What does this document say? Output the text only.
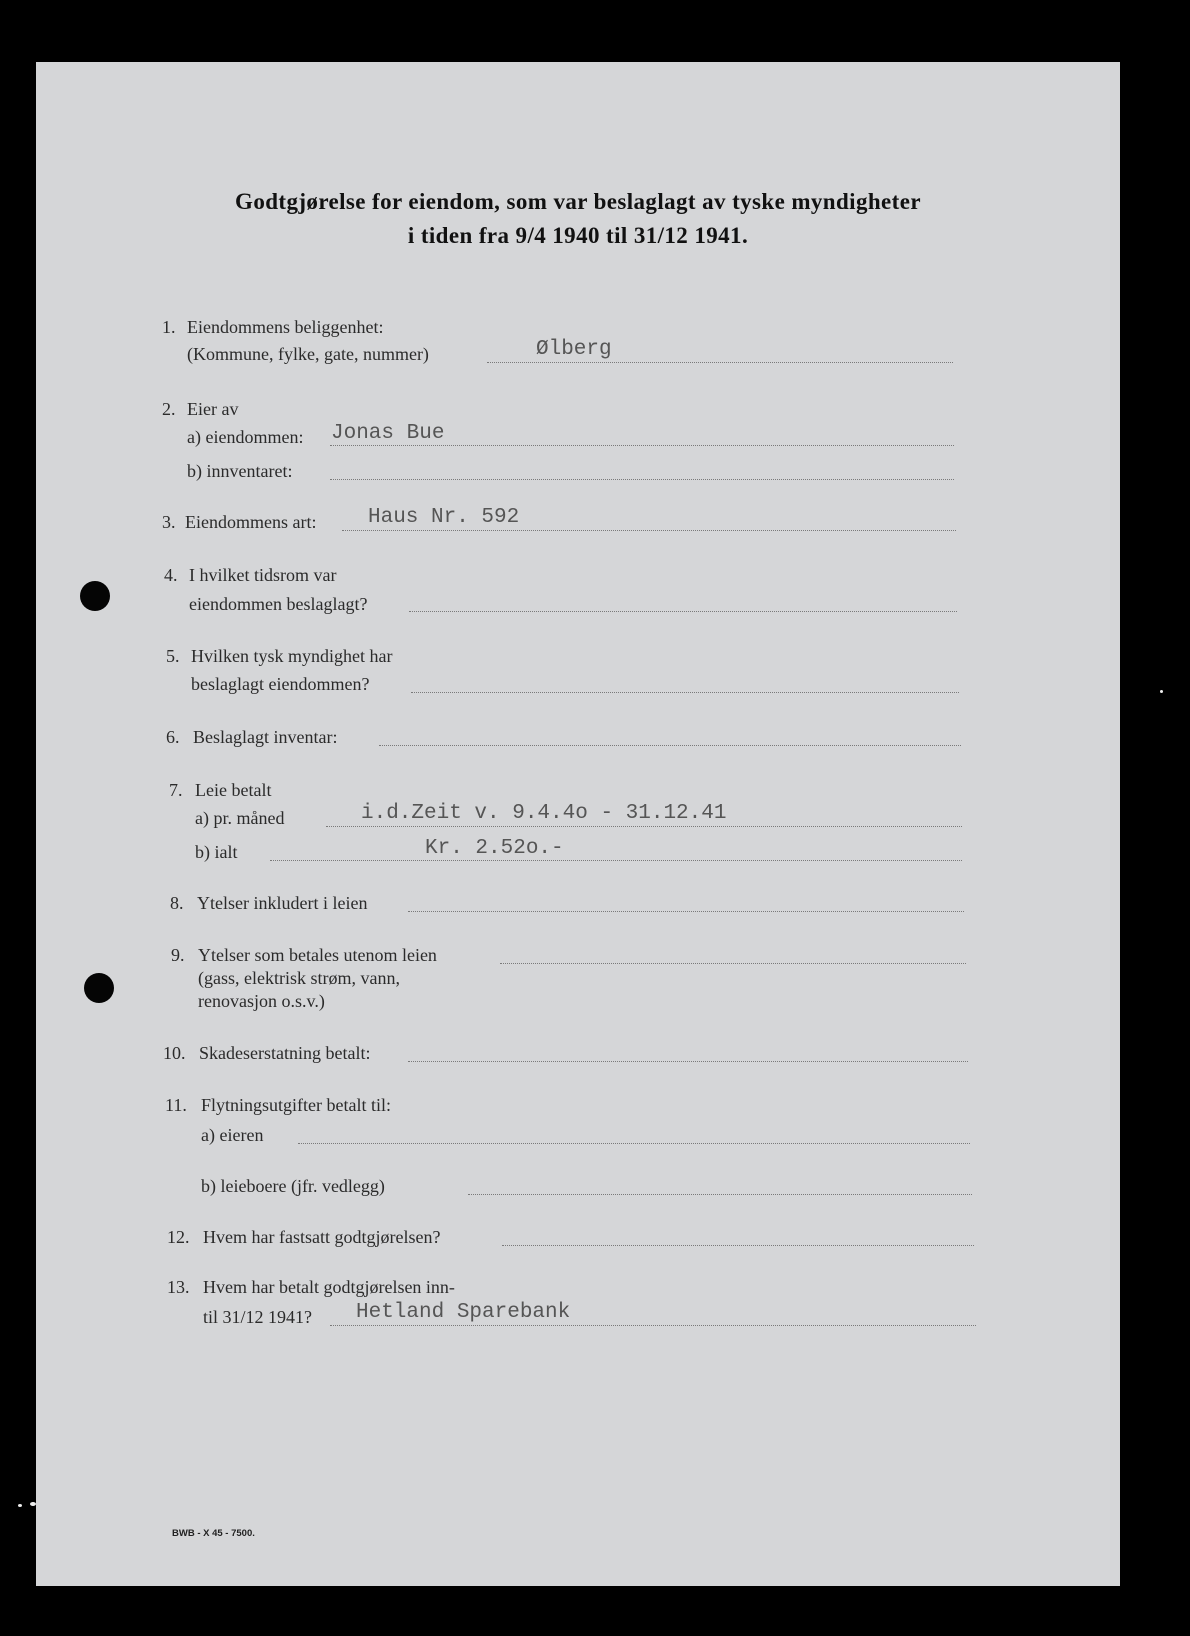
Godtgjørelse for eiendom, som var beslaglagt av tyske myndigheter
i tiden fra 9/4 1940 til 31/12 1941.
1. Eiendommens beliggenhet:
(Kommune, fylke, gate, nummer)	Ølberg
2. Eier av
a) eiendommen: Jonas Bue
b) innventaret:
3. Eiendommens art: Haus Nr. 592
4. I hvilket tidsrom var
eiendommen beslaglagt?
5. Hvilken tysk myndighet har
beslaglagt eiendommen?
6. Beslaglagt inventar:
7. Leie betalt
a) pr. måned	i.d.Zeit v. 9.4.4o - 31.12.41
b) ialt	Kr. 2.52o.-
8. Ytelser inkludert i leien
9. Ytelser som betales utenom leien
(gass, elektrisk strøm, vann,
renovasjon o.s.v.)
10. Skadeserstatning betalt:
11. Flytningsutgifter betalt til:
a) eieren
b) leieboere (jfr. vedlegg)
12. Hvem har fastsatt godtgjørelsen?
13. Hvem har betalt godtgjørelsen inn-
til 31/12 1941? Hetland Sparebank
BWB - X 45 - 7500.
